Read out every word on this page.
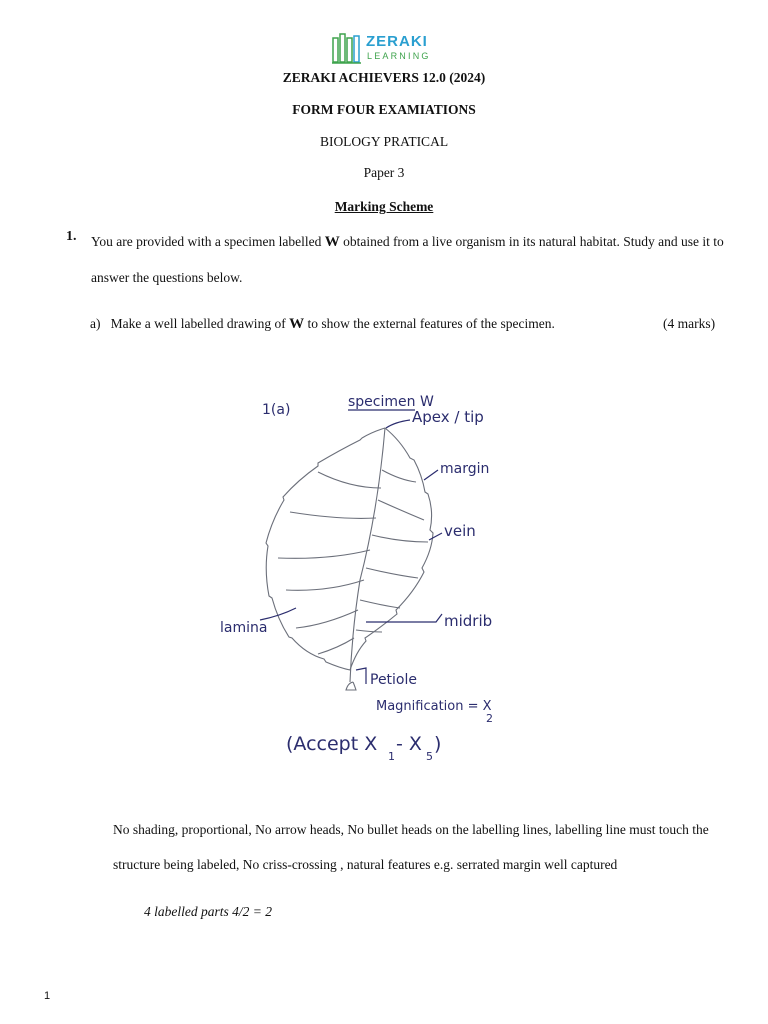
ZERAKI
LEARNING
ZERAKI ACHIEVERS 12.0 (2024)
FORM FOUR EXAMIATIONS
BIOLOGY PRATICAL
Paper 3
Marking Scheme
1. You are provided with a specimen labelled W obtained from a live organism in its natural habitat. Study and use it to answer the questions below.
a) Make a well labelled drawing of W to show the external features of the specimen.	(4 marks)
1(a)	specimen W
Apex / tip
margin
vein
lamina	midrib
Petiole
Magnification = X
2
(Accept X
1
- X
5
)
No shading, proportional, No arrow heads, No bullet heads on the labelling lines, labelling line must touch the structure being labeled, No criss-crossing , natural features e.g. serrated margin well captured
4 labelled parts 4/2 = 2
1
